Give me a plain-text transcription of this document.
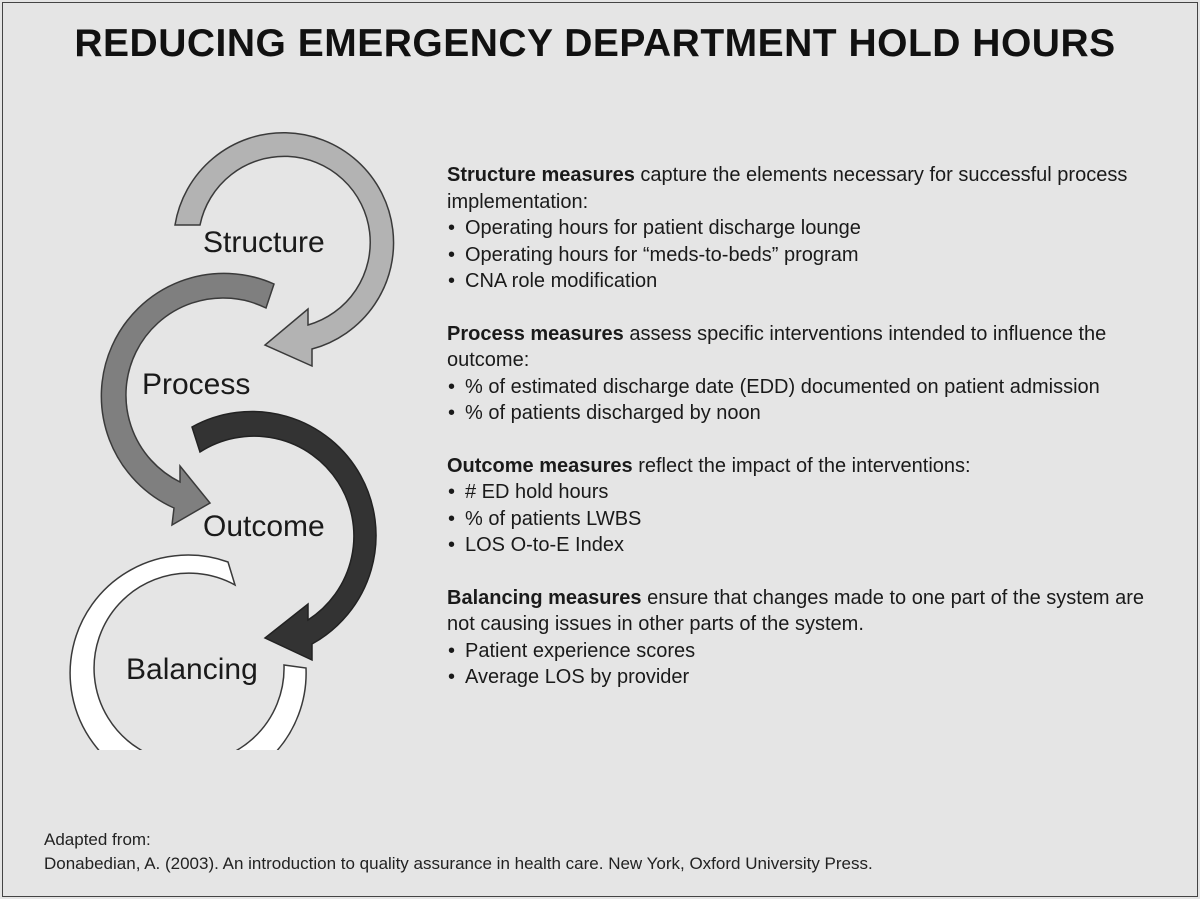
REDUCING EMERGENCY DEPARTMENT HOLD HOURS
Structure
Process
Outcome
Balancing

Structure measures capture the elements necessary for successful process implementation:

• Operating hours for patient discharge lounge
• Operating hours for “meds-to-beds” program
• CNA role modification

Process measures assess specific interventions intended to influence the outcome:

• % of estimated discharge date (EDD) documented on patient admission
• % of patients discharged by noon

Outcome measures reflect the impact of the interventions:

• # ED hold hours
• % of patients LWBS
• LOS O-to-E Index

Balancing measures ensure that changes made to one part of the system are not causing issues in other parts of the system.

• Patient experience scores
• Average LOS by provider

Adapted from:

Donabedian, A. (2003). An introduction to quality assurance in health care. New York, Oxford University Press.
